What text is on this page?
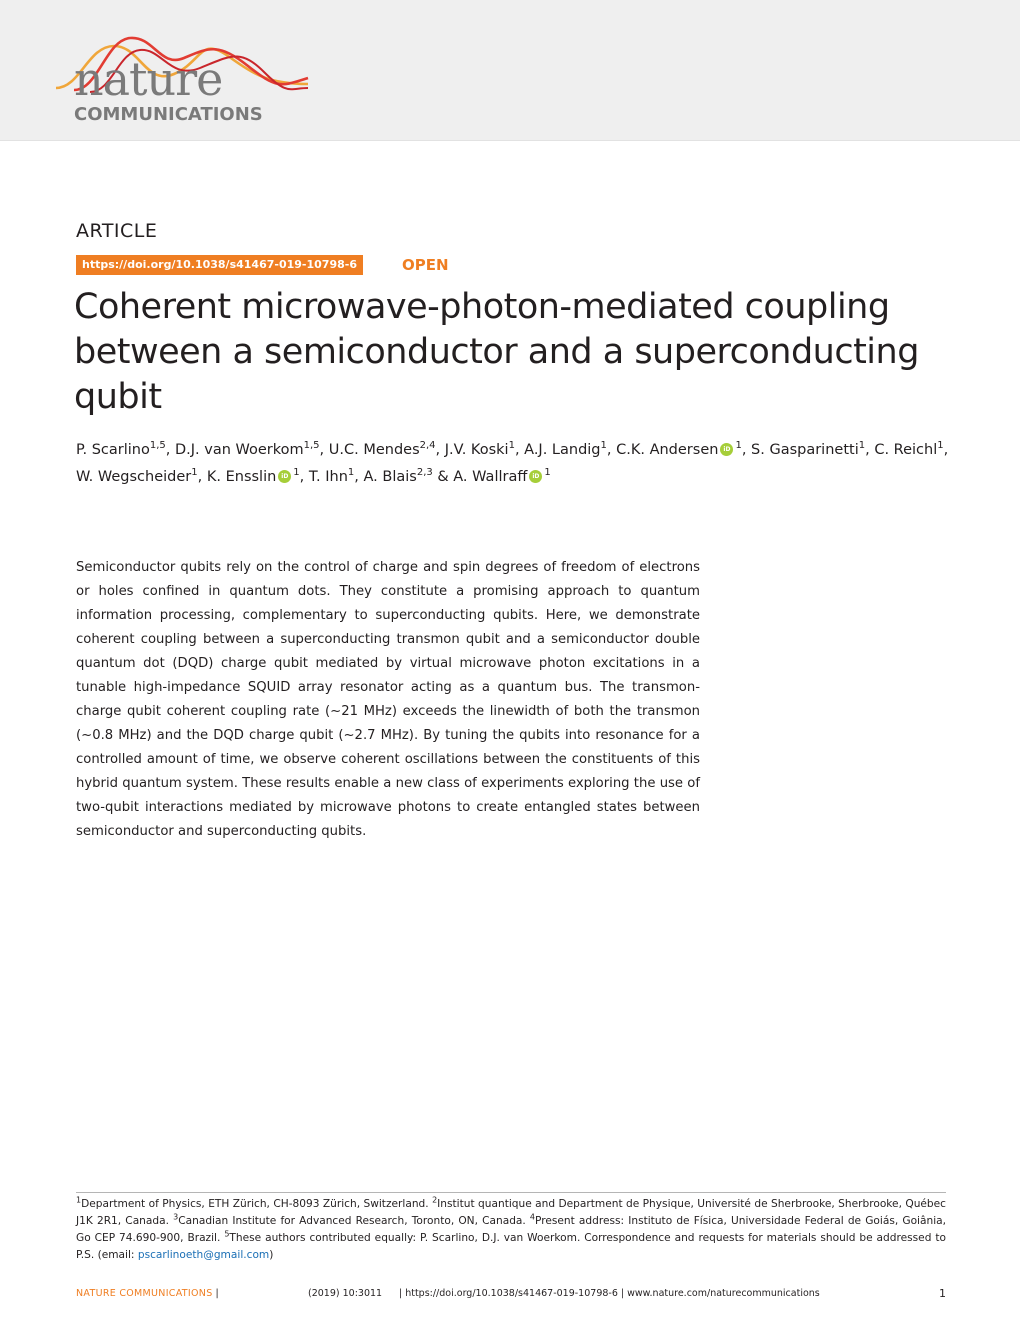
nature
COMMUNICATIONS
ARTICLE
https://doi.org/10.1038/s41467-019-10798-6	OPEN
Coherent microwave-photon-mediated coupling between a semiconductor and a superconducting qubit
P. Scarlino$^{1,5}$, D.J. van Woerkom$^{1,5}$, U.C. Mendes$^{2,4}$, J.V. Koski$^1$, A.J. Landig$^1$, C.K. Andersen iD $^1$, S. Gasparinetti$^1$, C. Reichl$^1$, W. Wegscheider$^1$, K. Ensslin iD $^1$, T. Ihn$^1$, A. Blais$^{2,3}$ & A. Wallraff iD $^1$

Semiconductor qubits rely on the control of charge and spin degrees of freedom of electrons or holes confined in quantum dots. They constitute a promising approach to quantum information processing, complementary to superconducting qubits. Here, we demonstrate coherent coupling between a superconducting transmon qubit and a semiconductor double quantum dot (DQD) charge qubit mediated by virtual microwave photon excitations in a tunable high-impedance SQUID array resonator acting as a quantum bus. The transmon-charge qubit coherent coupling rate (~21 MHz) exceeds the linewidth of both the transmon (~0.8 MHz) and the DQD charge qubit (~2.7 MHz). By tuning the qubits into resonance for a controlled amount of time, we observe coherent oscillations between the constituents of this hybrid quantum system. These results enable a new class of experiments exploring the use of two-qubit interactions mediated by microwave photons to create entangled states between semiconductor and superconducting qubits.

$^1$Department of Physics, ETH Zürich, CH-8093 Zürich, Switzerland. $^2$Institut quantique and Department de Physique, Université de Sherbrooke, Sherbrooke, Québec J1K 2R1, Canada. $^3$Canadian Institute for Advanced Research, Toronto, ON, Canada. $^4$Present address: Instituto de Física, Universidade Federal de Goiás, Goiânia, Go CEP 74.690-900, Brazil. $^5$These authors contributed equally: P. Scarlino, D.J. van Woerkom. Correspondence and requests for materials should be addressed to P.S. (email: pscarlinoeth@gmail.com)

NATURE COMMUNICATIONS |	(2019) 10:3011	| https://doi.org/10.1038/s41467-019-10798-6 | www.nature.com/naturecommunications	1
